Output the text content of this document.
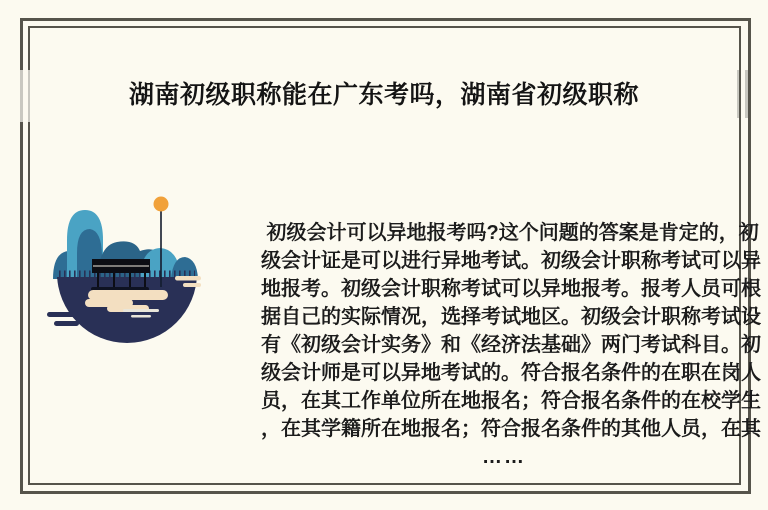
湖南初级职称能在广东考吗，湖南省初级职称
初级会计可以异地报考吗?这个问题的答案是肯定的，初
级会计证是可以进行异地考试。初级会计职称考试可以异
地报考。初级会计职称考试可以异地报考。报考人员可根
据自己的实际情况，选择考试地区。初级会计职称考试设
有《初级会计实务》和《经济法基础》两门考试科目。初
级会计师是可以异地考试的。符合报名条件的在职在岗人
员，在其工作单位所在地报名；符合报名条件的在校学生
，在其学籍所在地报名；符合报名条件的其他人员，在其
……
